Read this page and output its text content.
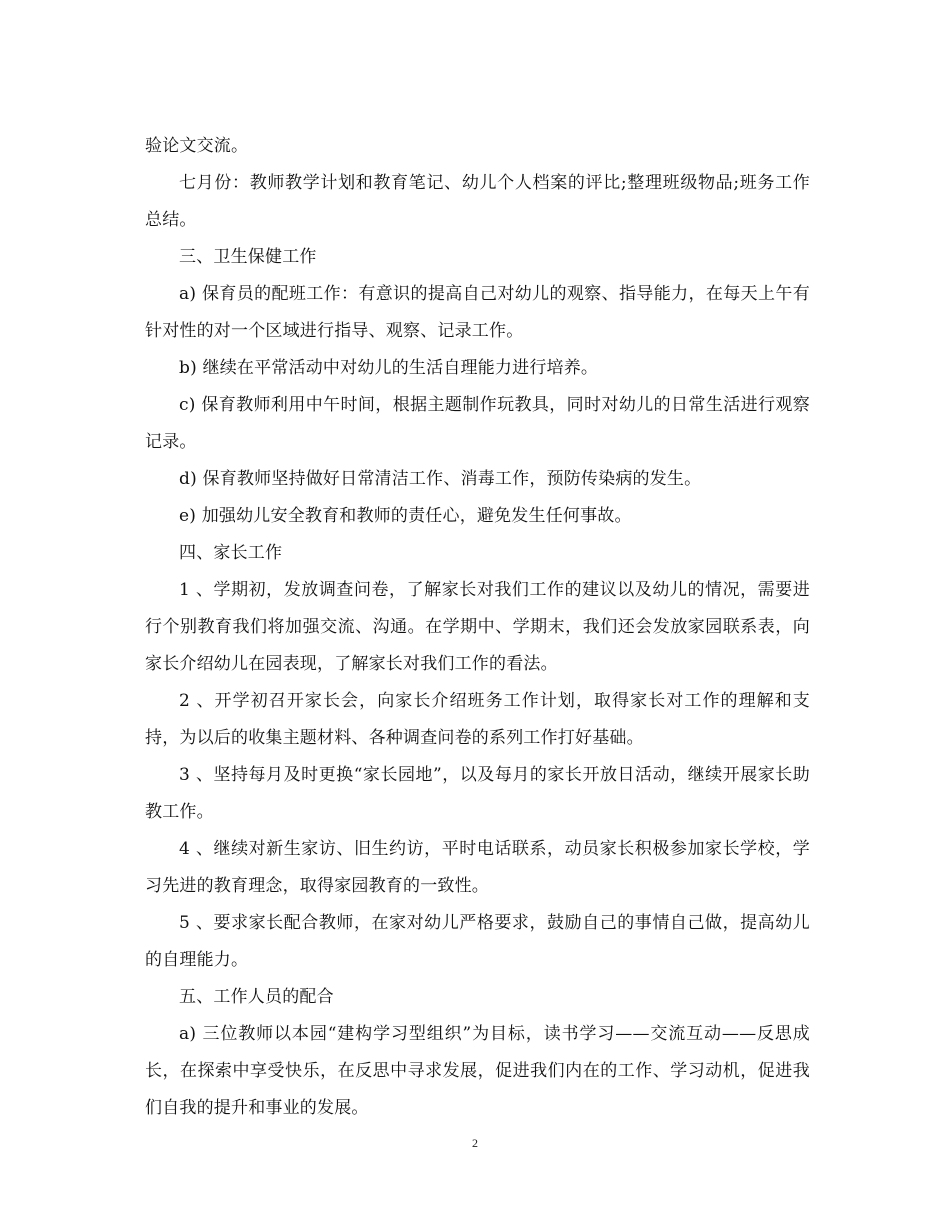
验论文交流。

七月份：教师教学计划和教育笔记、幼儿个人档案的评比;整理班级物品;班务工作总结。

三、卫生保健工作

a) 保育员的配班工作：有意识的提高自己对幼儿的观察、指导能力，在每天上午有针对性的对一个区域进行指导、观察、记录工作。

b) 继续在平常活动中对幼儿的生活自理能力进行培养。

c) 保育教师利用中午时间，根据主题制作玩教具，同时对幼儿的日常生活进行观察记录。

d) 保育教师坚持做好日常清洁工作、消毒工作，预防传染病的发生。

e) 加强幼儿安全教育和教师的责任心，避免发生任何事故。

四、家长工作

1 、学期初，发放调查问卷，了解家长对我们工作的建议以及幼儿的情况，需要进行个别教育我们将加强交流、沟通。在学期中、学期末，我们还会发放家园联系表，向家长介绍幼儿在园表现，了解家长对我们工作的看法。

2 、开学初召开家长会，向家长介绍班务工作计划，取得家长对工作的理解和支持，为以后的收集主题材料、各种调查问卷的系列工作打好基础。

3 、坚持每月及时更换“家长园地”，以及每月的家长开放日活动，继续开展家长助教工作。

4 、继续对新生家访、旧生约访，平时电话联系，动员家长积极参加家长学校，学习先进的教育理念，取得家园教育的一致性。

5 、要求家长配合教师，在家对幼儿严格要求，鼓励自己的事情自己做，提高幼儿的自理能力。

五、工作人员的配合

a) 三位教师以本园“建构学习型组织”为目标，读书学习——交流互动——反思成长，在探索中享受快乐，在反思中寻求发展，促进我们内在的工作、学习动机，促进我们自我的提升和事业的发展。

2
